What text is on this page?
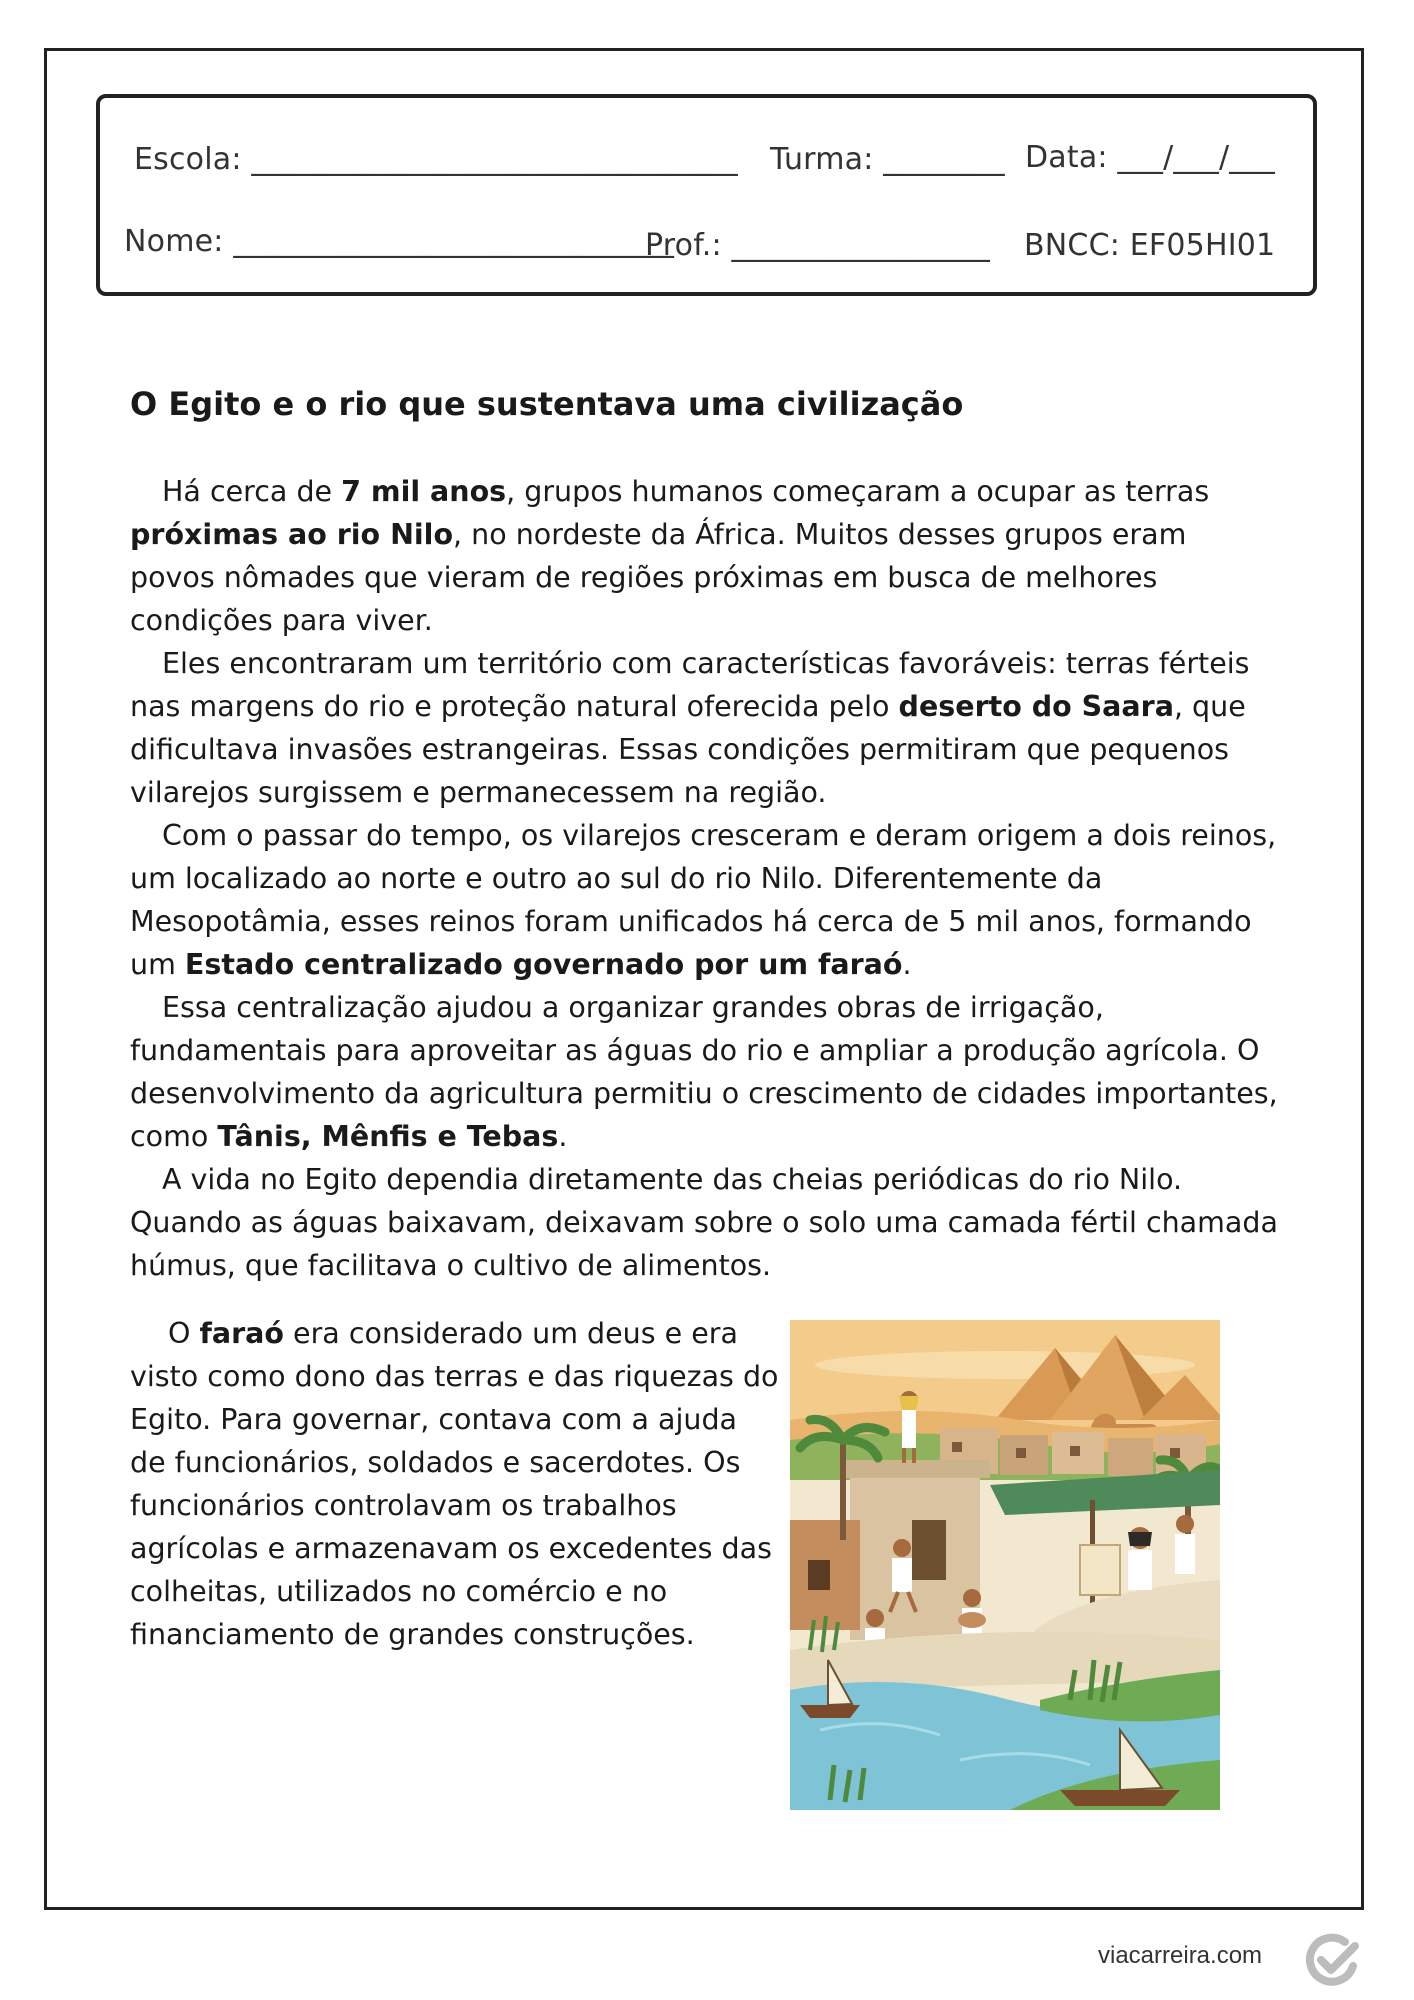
Escola: ________________________________ Turma: ________ Data: ___/___/___
Nome: _____________________________
Prof.: _________________ BNCC: EF05HI01
O Egito e o rio que sustentava uma civilização

Há cerca de 7 mil anos, grupos humanos começaram a ocupar as terras próximas ao rio Nilo, no nordeste da África. Muitos desses grupos eram povos nômades que vieram de regiões próximas em busca de melhores condições para viver.

Eles encontraram um território com características favoráveis: terras férteis nas margens do rio e proteção natural oferecida pelo deserto do Saara, que dificultava invasões estrangeiras. Essas condições permitiram que pequenos vilarejos surgissem e permanecessem na região.

Com o passar do tempo, os vilarejos cresceram e deram origem a dois reinos, um localizado ao norte e outro ao sul do rio Nilo. Diferentemente da Mesopotâmia, esses reinos foram unificados há cerca de 5 mil anos, formando um Estado centralizado governado por um faraó.

Essa centralização ajudou a organizar grandes obras de irrigação, fundamentais para aproveitar as águas do rio e ampliar a produção agrícola. O desenvolvimento da agricultura permitiu o crescimento de cidades importantes, como Tânis, Mênfis e Tebas.

A vida no Egito dependia diretamente das cheias periódicas do rio Nilo. Quando as águas baixavam, deixavam sobre o solo uma camada fértil chamada húmus, que facilitava o cultivo de alimentos.

O faraó era considerado um deus e era visto como dono das terras e das riquezas do Egito. Para governar, contava com a ajuda de funcionários, soldados e sacerdotes. Os funcionários controlavam os trabalhos agrícolas e armazenavam os excedentes das colheitas, utilizados no comércio e no financiamento de grandes construções.

viacarreira.com
